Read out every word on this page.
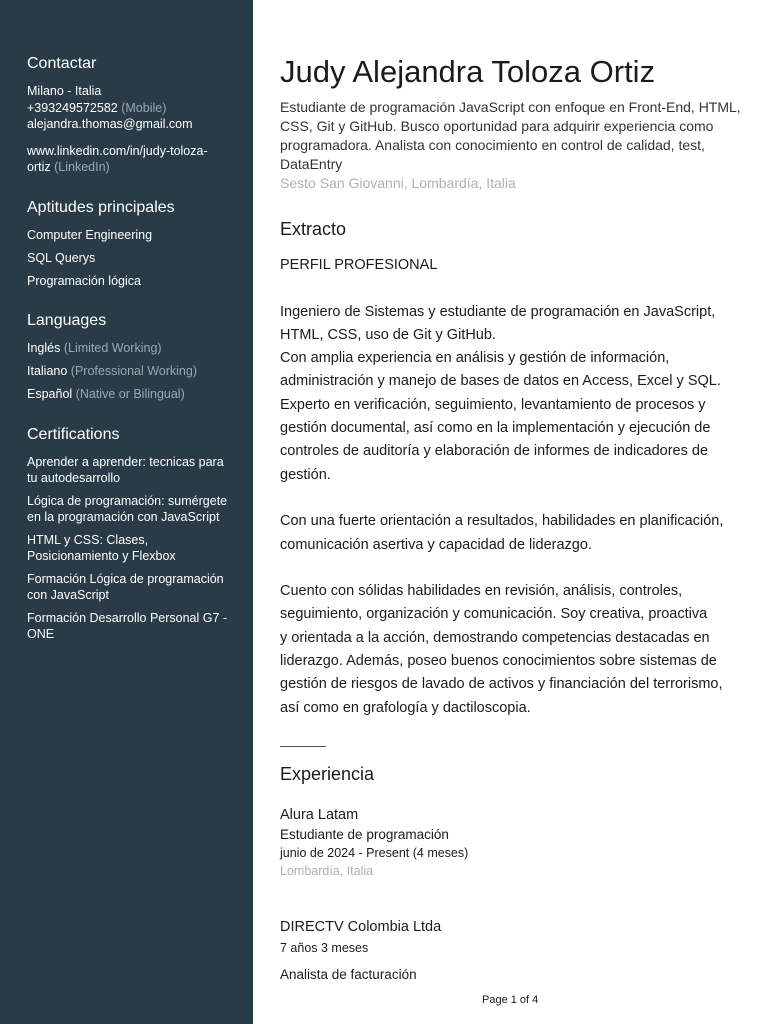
Contactar
Milano - Italia
+393249572582 (Mobile)
alejandra.thomas@gmail.com
www.linkedin.com/in/judy-toloza-
ortiz (LinkedIn)
Aptitudes principales
Computer Engineering
SQL Querys
Programación lógica
Languages
Inglés (Limited Working)
Italiano (Professional Working)
Español (Native or Bilingual)
Certifications
Aprender a aprender: tecnicas para
tu autodesarrollo
Lógica de programación: sumérgete
en la programación con JavaScript
HTML y CSS: Clases,
Posicionamiento y Flexbox
Formación Lógica de programación
con JavaScript
Formación Desarrollo Personal G7 -
ONE
Judy Alejandra Toloza Ortiz

Estudiante de programación JavaScript con enfoque en Front-End, HTML, CSS, Git y GitHub. Busco oportunidad para adquirir experiencia como programadora. Analista con conocimiento en control de calidad, test, DataEntry

Sesto San Giovanni, Lombardía, Italia
Extracto

PERFIL PROFESIONAL

Ingeniero de Sistemas y estudiante de programación en JavaScript,

HTML, CSS, uso de Git y GitHub.

Con amplia experiencia en análisis y gestión de información,

administración y manejo de bases de datos en Access, Excel y SQL.

Experto en verificación, seguimiento, levantamiento de procesos y

gestión documental, así como en la implementación y ejecución de

controles de auditoría y elaboración de informes de indicadores de

gestión.

Con una fuerte orientación a resultados, habilidades en planificación,

comunicación asertiva y capacidad de liderazgo.

Cuento con sólidas habilidades en revisión, análisis, controles,

seguimiento, organización y comunicación. Soy creativa, proactiva

y orientada a la acción, demostrando competencias destacadas en

liderazgo. Además, poseo buenos conocimientos sobre sistemas de

gestión de riesgos de lavado de activos y financiación del terrorismo,

así como en grafología y dactiloscopia.

Experiencia
Alura Latam
Estudiante de programación
junio de 2024 - Present (4 meses)
Lombardía, Italia
DIRECTV Colombia Ltda
7 años 3 meses
Analista de facturación
Page 1 of 4
